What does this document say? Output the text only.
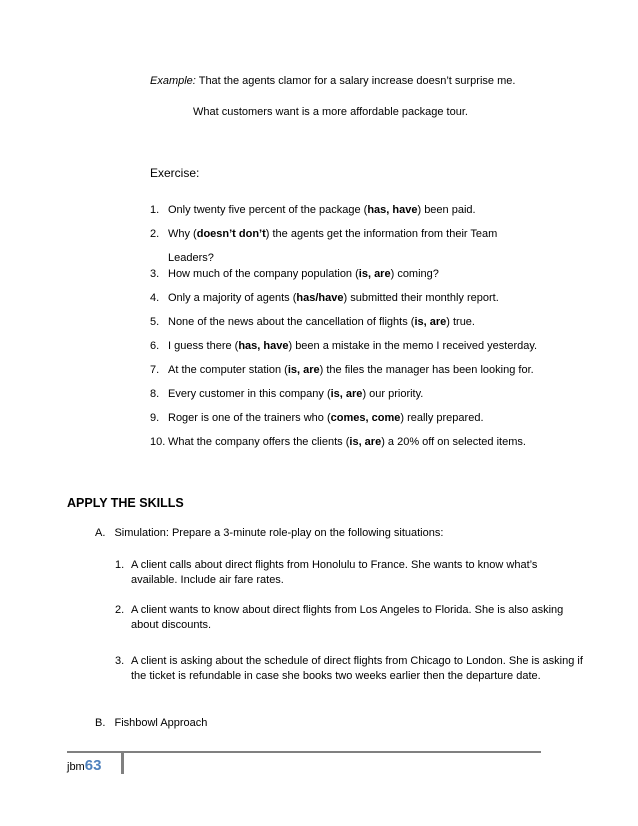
Example: That the agents clamor for a salary increase doesn’t surprise me.
What customers want is a more affordable package tour.
Exercise:
1. Only twenty five percent of the package (has, have) been paid.
2. Why (doesn’t don’t) the agents get the information from their Team
Leaders?
3. How much of the company population (is, are) coming?
4. Only a majority of agents (has/have) submitted their monthly report.
5. None of the news about the cancellation of flights (is, are) true.
6. I guess there (has, have) been a mistake in the memo I received yesterday.
7. At the computer station (is, are) the files the manager has been looking for.
8. Every customer in this company (is, are) our priority.
9. Roger is one of the trainers who (comes, come) really prepared.
10. What the company offers the clients (is, are) a 20% off on selected items.
APPLY THE SKILLS
A. Simulation: Prepare a 3-minute role-play on the following situations:
1. A client calls about direct flights from Honolulu to France. She wants to know what’s available. Include air fare rates.
2. A client wants to know about direct flights from Los Angeles to Florida. She is also asking about discounts.
3. A client is asking about the schedule of direct flights from Chicago to London. She is asking if the ticket is refundable in case she books two weeks earlier then the departure date.
B. Fishbowl Approach
jbm63
